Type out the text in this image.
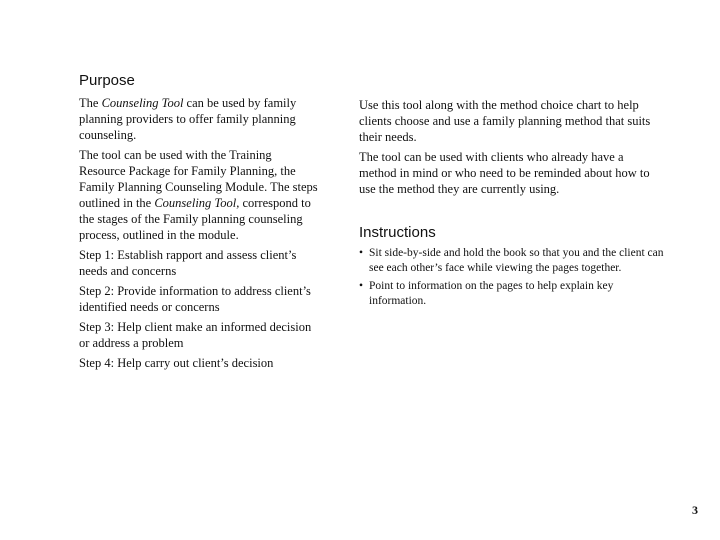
Purpose

The Counseling Tool can be used by family planning providers to offer family planning counseling.

The tool can be used with the Training Resource Package for Family Planning, the Family Planning Counseling Module. The steps outlined in the Counseling Tool, correspond to the stages of the Family planning counseling process, outlined in the module.

Step 1: Establish rapport and assess client’s needs and concerns

Step 2: Provide information to address client’s identified needs or concerns

Step 3: Help client make an informed decision or address a problem

Step 4: Help carry out client’s decision

Use this tool along with the method choice chart to help clients choose and use a family planning method that suits their needs.

The tool can be used with clients who already have a method in mind or who need to be reminded about how to use the method they are currently using.

Instructions
• Sit side-by-side and hold the book so that you and the client can see each other’s face while viewing the pages together.
• Point to information on the pages to help explain key information.
3
